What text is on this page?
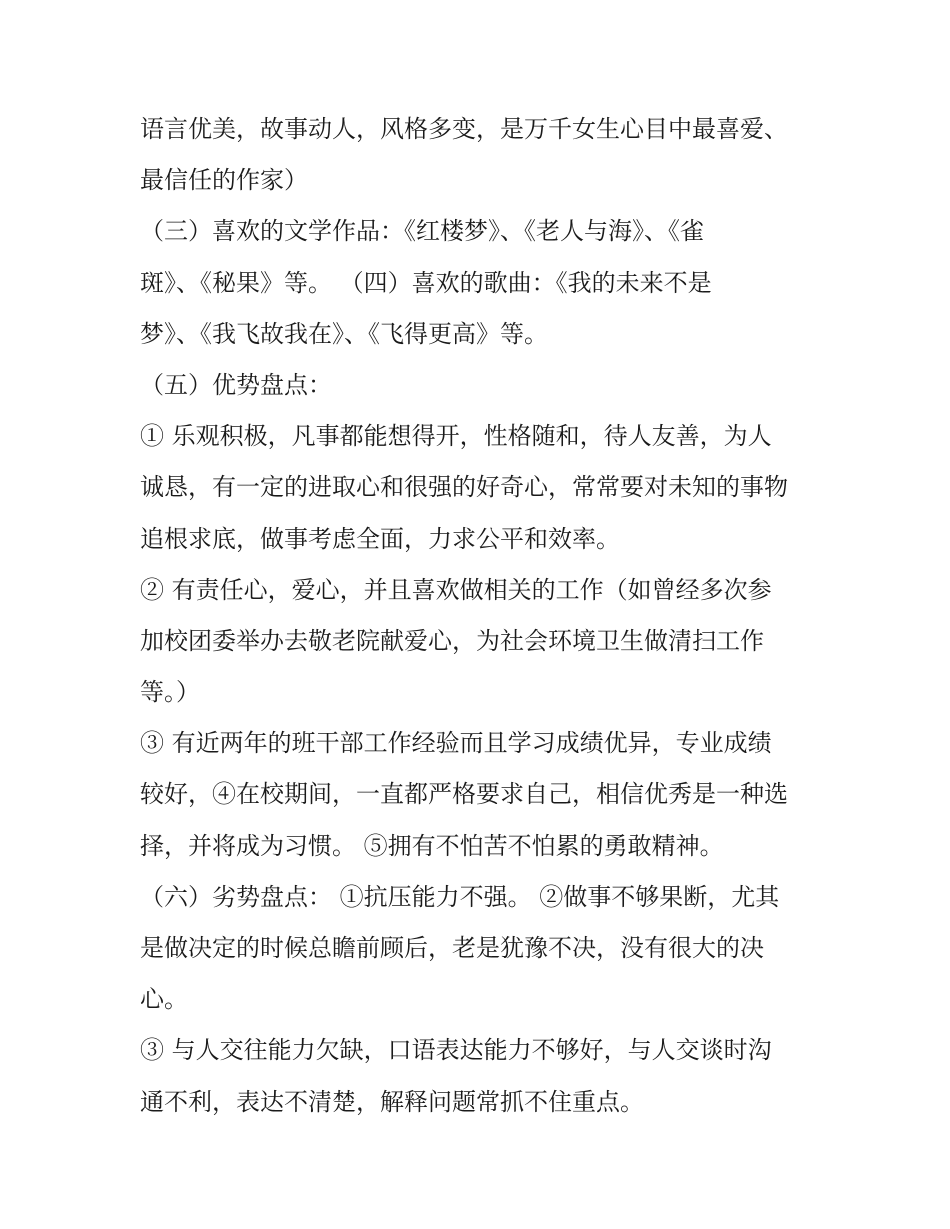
语言优美，故事动人，风格多变，是万千女生心目中最喜爱、
最信任的作家）
（三）喜欢的文学作品：《红楼梦》、《老人与海》、《雀
斑》、《秘果》等。 （四）喜欢的歌曲：《我的未来不是
梦》、《我飞故我在》、《飞得更高》等。
（五）优势盘点：
① 乐观积极，凡事都能想得开，性格随和，待人友善，为人
诚恳，有一定的进取心和很强的好奇心，常常要对未知的事物
追根求底，做事考虑全面，力求公平和效率。
② 有责任心，爱心，并且喜欢做相关的工作（如曾经多次参
加校团委举办去敬老院献爱心，为社会环境卫生做清扫工作
等。）
③ 有近两年的班干部工作经验而且学习成绩优异，专业成绩
较好，④在校期间，一直都严格要求自己，相信优秀是一种选
择，并将成为习惯。 ⑤拥有不怕苦不怕累的勇敢精神。
（六）劣势盘点： ①抗压能力不强。 ②做事不够果断，尤其
是做决定的时候总瞻前顾后，老是犹豫不决，没有很大的决
心。
③ 与人交往能力欠缺，口语表达能力不够好，与人交谈时沟
通不利，表达不清楚，解释问题常抓不住重点。
